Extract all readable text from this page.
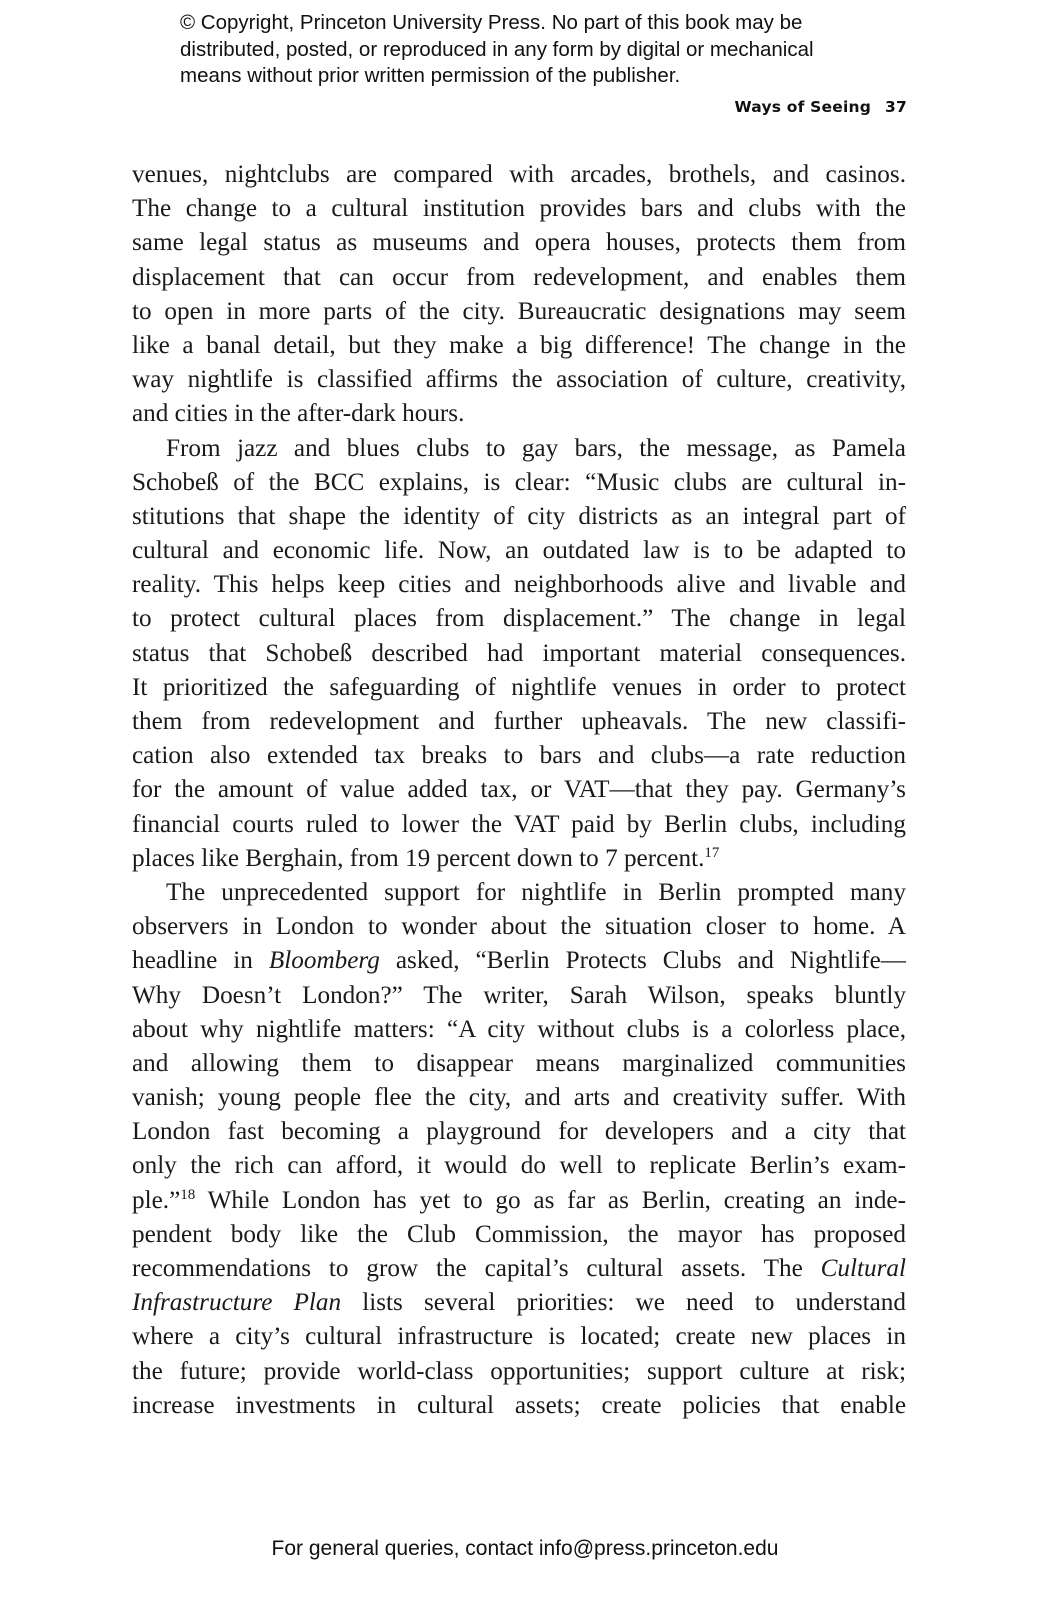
© Copyright, Princeton University Press. No part of this book may be
distributed, posted, or reproduced in any form by digital or mechanical
means without prior written permission of the publisher.
Ways of Seeing 37
venues, nightclubs are compared with arcades, brothels, and casinos.
The change to a cultural institution provides bars and clubs with the
same legal status as museums and opera houses, protects them from
displacement that can occur from redevelopment, and enables them
to open in more parts of the city. Bureaucratic designations may seem
like a banal detail, but they make a big difference! The change in the
way nightlife is classified affirms the association of culture, creativity,
and cities in the after-dark hours.
From jazz and blues clubs to gay bars, the message, as Pamela
Schobeß of the BCC explains, is clear: “Music clubs are cultural in-
stitutions that shape the identity of city districts as an integral part of
cultural and economic life. Now, an outdated law is to be adapted to
reality. This helps keep cities and neighborhoods alive and livable and
to protect cultural places from displacement.” The change in legal
status that Schobeß described had important material consequences.
It prioritized the safeguarding of nightlife venues in order to protect
them from redevelopment and further upheavals. The new classifi-
cation also extended tax breaks to bars and clubs—a rate reduction
for the amount of value added tax, or VAT—that they pay. Germany’s
financial courts ruled to lower the VAT paid by Berlin clubs, including
places like Berghain, from 19 percent down to 7 percent.$^{17}$
The unprecedented support for nightlife in Berlin prompted many
observers in London to wonder about the situation closer to home. A
headline in Bloomberg asked, “Berlin Protects Clubs and Nightlife—
Why Doesn’t London?” The writer, Sarah Wilson, speaks bluntly
about why nightlife matters: “A city without clubs is a colorless place,
and allowing them to disappear means marginalized communities
vanish; young people flee the city, and arts and creativity suffer. With
London fast becoming a playground for developers and a city that
only the rich can afford, it would do well to replicate Berlin’s exam-
ple.”$^{18}$ While London has yet to go as far as Berlin, creating an inde-
pendent body like the Club Commission, the mayor has proposed
recommendations to grow the capital’s cultural assets. The Cultural
Infrastructure Plan lists several priorities: we need to understand
where a city’s cultural infrastructure is located; create new places in
the future; provide world-class opportunities; support culture at risk;
increase investments in cultural assets; create policies that enable
For general queries, contact info@press.princeton.edu
